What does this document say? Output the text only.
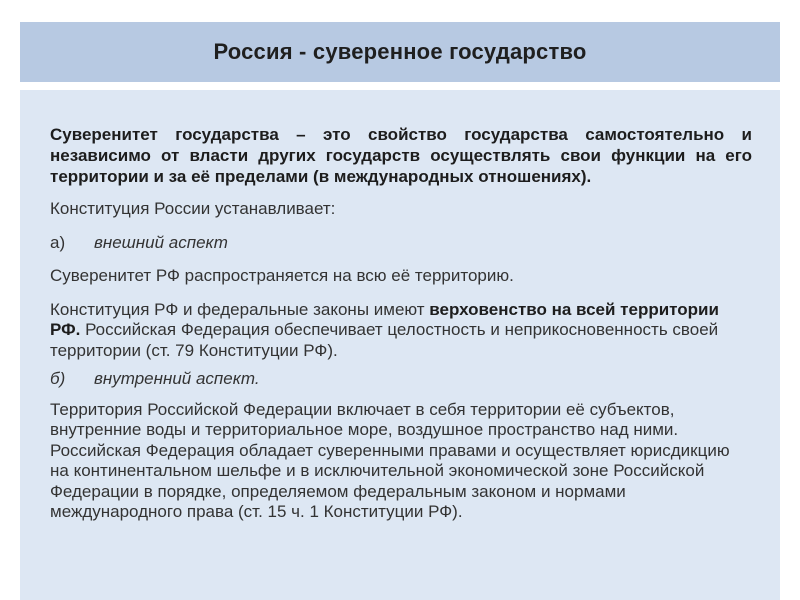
Россия - суверенное государство

Суверенитет государства – это свойство государства самостоятельно и независимо от власти других государств осуществлять свои функции на его территории и за её пределами (в международных отношениях).

Конституция России устанавливает:

а) внешний аспект

Суверенитет РФ распространяется на всю её территорию.

Конституция РФ и федеральные законы имеют верховенство на всей территории РФ. Российская Федерация обеспечивает целостность и неприкосновенность своей территории (ст. 79 Конституции РФ).

б) внутренний аспект.

Территория Российской Федерации включает в себя территории её субъектов, внутренние воды и территориальное море, воздушное пространство над ними. Российская Федерация обладает суверенными правами и осуществляет юрисдикцию на континентальном шельфе и в исключительной экономической зоне Российской Федерации в порядке, определяемом федеральным законом и нормами международного права (ст. 15 ч. 1 Конституции РФ).
